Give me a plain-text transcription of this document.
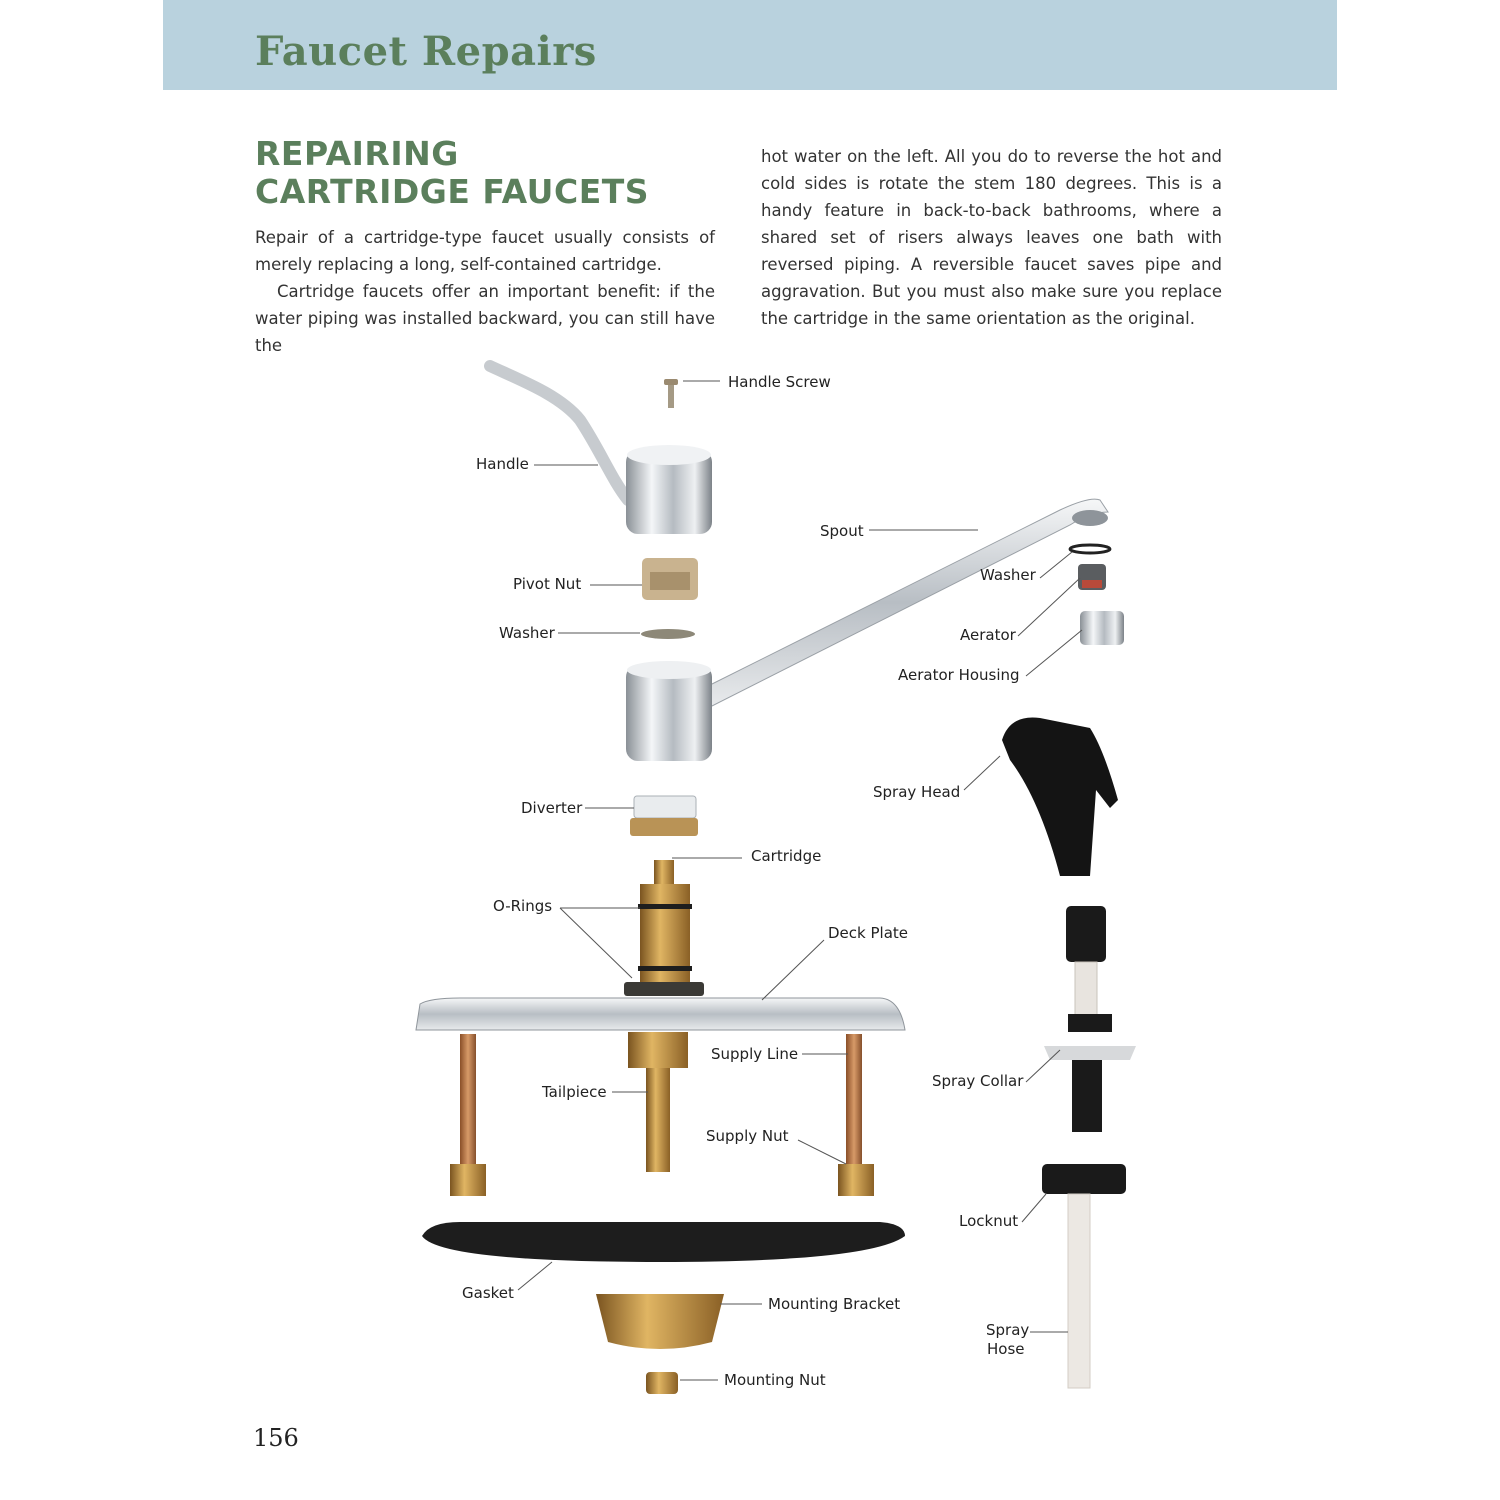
Faucet Repairs
REPAIRING
CARTRIDGE FAUCETS

Repair of a cartridge-type faucet usually consists of merely replacing a long, self-contained cartridge.

Cartridge faucets offer an important benefit: if the water piping was installed backward, you can still have the

hot water on the left. All you do to reverse the hot and cold sides is rotate the stem 180 degrees. This is a handy feature in back-to-back bathrooms, where a shared set of risers always leaves one bath with reversed piping. A reversible faucet saves pipe and aggravation. But you must also make sure you replace the cartridge in the same orientation as the original.

Handle Screw
Handle
Spout
Washer
Pivot Nut
Aerator
Washer
Aerator Housing
Spray Head
Diverter
Cartridge
O-Rings
Deck Plate
Supply Line
Spray Collar
Tailpiece
Supply Nut
Locknut
Gasket
Mounting Bracket
Spray
Hose
Mounting Nut
156
